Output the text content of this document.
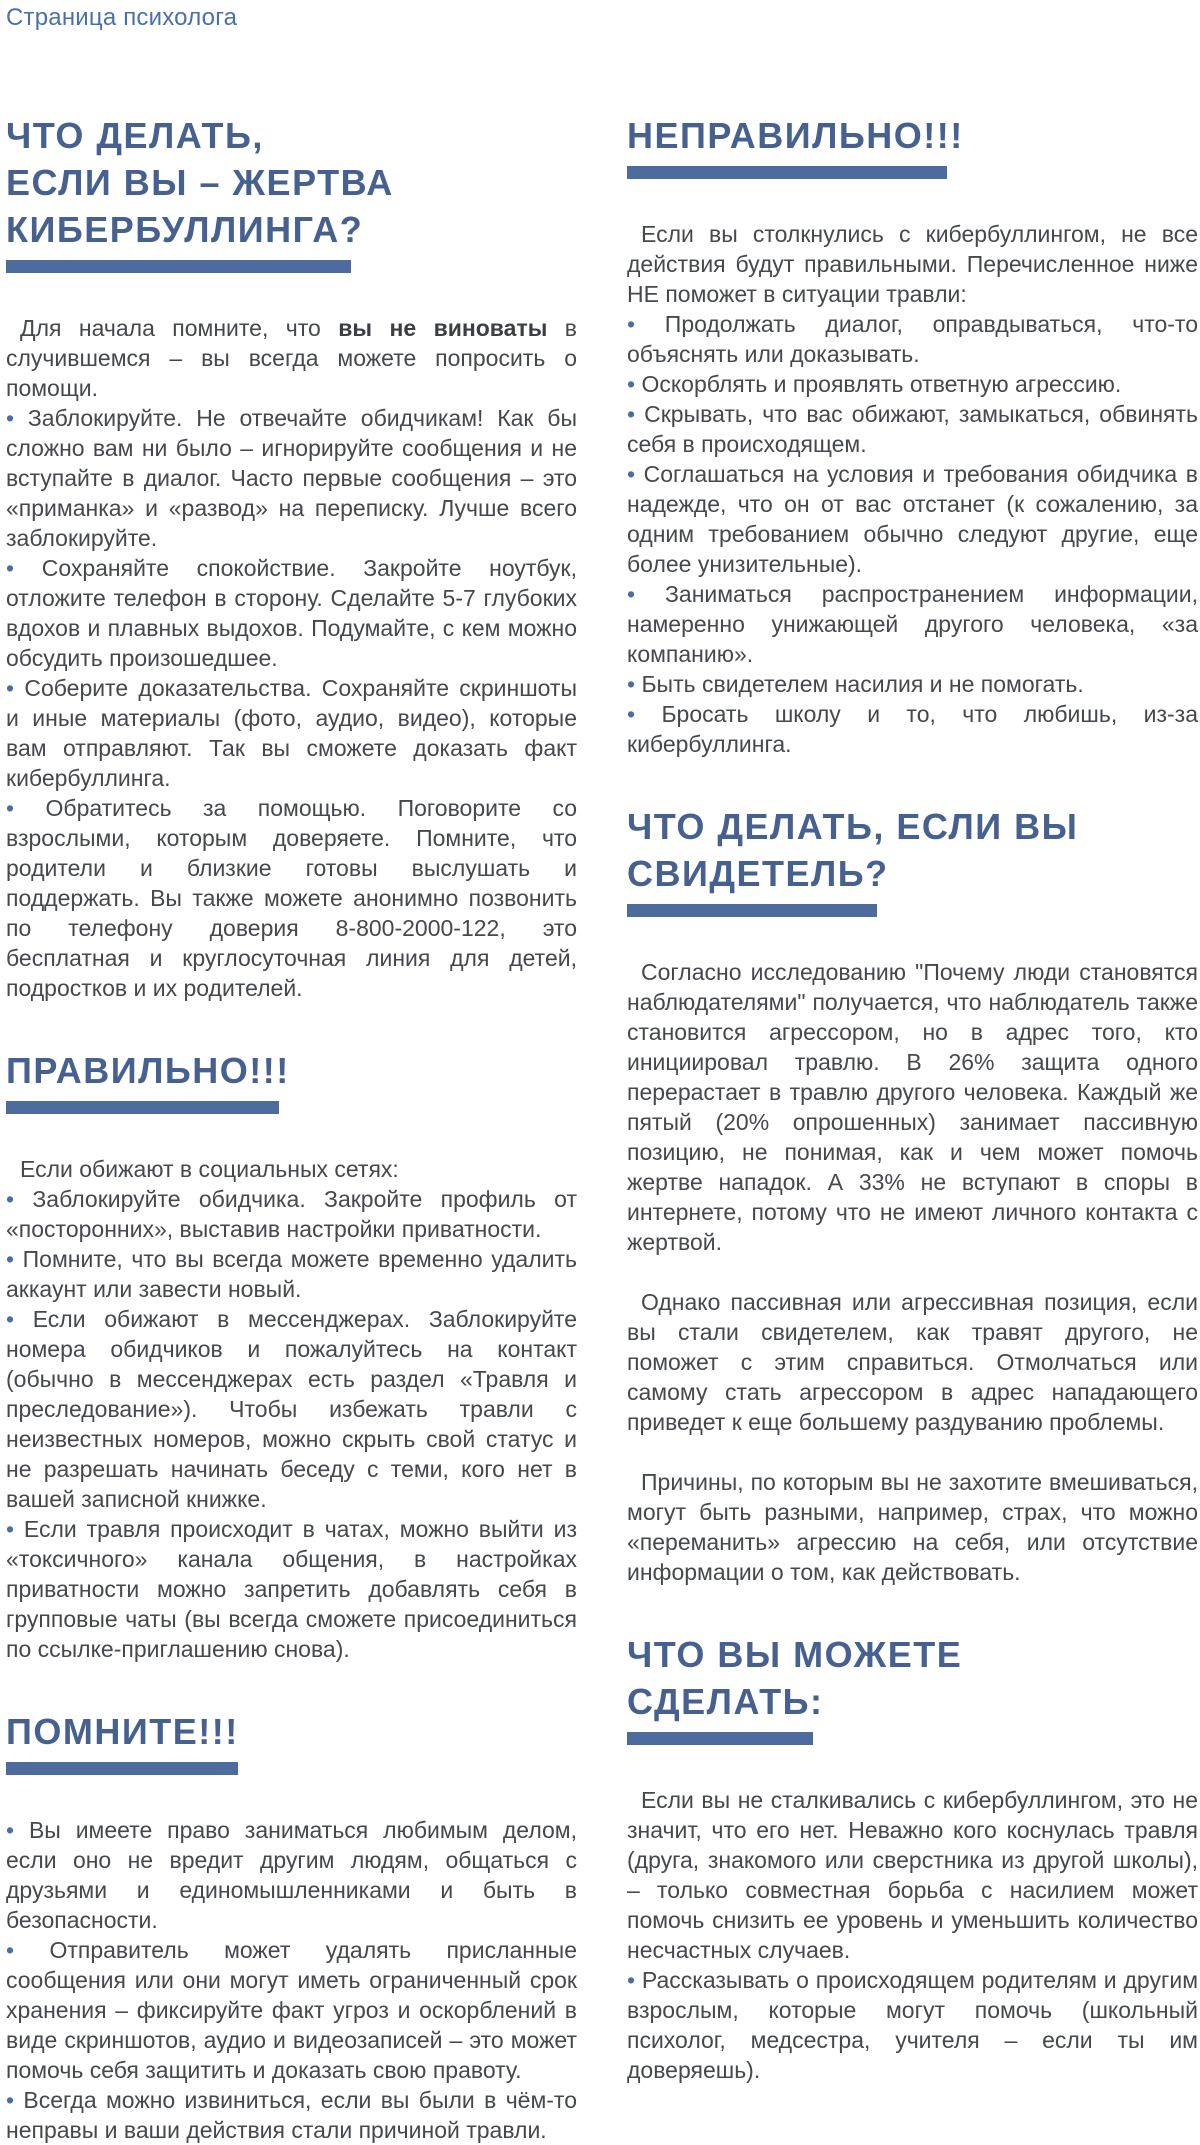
Страница психолога
ЧТО ДЕЛАТЬ,
ЕСЛИ ВЫ – ЖЕРТВА
КИБЕРБУЛЛИНГА?

Для начала помните, что вы не виноваты в случившемся – вы всегда можете попросить о помощи.

• Заблокируйте. Не отвечайте обидчикам! Как бы сложно вам ни было – игнорируйте сообщения и не вступайте в диалог. Часто первые сообщения – это «приманка» и «развод» на переписку. Лучше всего заблокируйте.

• Сохраняйте спокойствие. Закройте ноутбук, отложите телефон в сторону. Сделайте 5-7 глубоких вдохов и плавных выдохов. Подумайте, с кем можно обсудить произошедшее.

• Соберите доказательства. Сохраняйте скриншоты и иные материалы (фото, аудио, видео), которые вам отправляют. Так вы сможете доказать факт кибербуллинга.

• Обратитесь за помощью. Поговорите со взрослыми, которым доверяете. Помните, что родители и близкие готовы выслушать и поддержать. Вы также можете анонимно позвонить по телефону доверия 8-800-2000-122, это бесплатная и круглосуточная линия для детей, подростков и их родителей.

ПРАВИЛЬНО!!!

Если обижают в социальных сетях:

• Заблокируйте обидчика. Закройте профиль от «посторонних», выставив настройки приватности.

• Помните, что вы всегда можете временно удалить аккаунт или завести новый.

• Если обижают в мессенджерах. Заблокируйте номера обидчиков и пожалуйтесь на контакт (обычно в мессенджерах есть раздел «Травля и преследование»). Чтобы избежать травли с неизвестных номеров, можно скрыть свой статус и не разрешать начинать беседу с теми, кого нет в вашей записной книжке.

• Если травля происходит в чатах, можно выйти из «токсичного» канала общения, в настройках приватности можно запретить добавлять себя в групповые чаты (вы всегда сможете присоединиться по ссылке-приглашению снова).

ПОМНИТЕ!!!

• Вы имеете право заниматься любимым делом, если оно не вредит другим людям, общаться с друзьями и единомышленниками и быть в безопасности.

• Отправитель может удалять присланные сообщения или они могут иметь ограниченный срок хранения – фиксируйте факт угроз и оскорблений в виде скриншотов, аудио и видеозаписей – это может помочь себя защитить и доказать свою правоту.

• Всегда можно извиниться, если вы были в чём-то неправы и ваши действия стали причиной травли.

НЕПРАВИЛЬНО!!!

Если вы столкнулись с кибербуллингом, не все действия будут правильными. Перечисленное ниже НЕ поможет в ситуации травли:

• Продолжать диалог, оправдываться, что-то объяснять или доказывать.

• Оскорблять и проявлять ответную агрессию.

• Скрывать, что вас обижают, замыкаться, обвинять себя в происходящем.

• Соглашаться на условия и требования обидчика в надежде, что он от вас отстанет (к сожалению, за одним требованием обычно следуют другие, еще более унизительные).

• Заниматься распространением информации, намеренно унижающей другого человека, «за компанию».

• Быть свидетелем насилия и не помогать.

• Бросать школу и то, что любишь, из-за кибербуллинга.

ЧТО ДЕЛАТЬ, ЕСЛИ ВЫ
СВИДЕТЕЛЬ?

Согласно исследованию "Почему люди становятся наблюдателями" получается, что наблюдатель также становится агрессором, но в адрес того, кто инициировал травлю. В 26% защита одного перерастает в травлю другого человека. Каждый же пятый (20% опрошенных) занимает пассивную позицию, не понимая, как и чем может помочь жертве нападок. А 33% не вступают в споры в интернете, потому что не имеют личного контакта с жертвой.

Однако пассивная или агрессивная позиция, если вы стали свидетелем, как травят другого, не поможет с этим справиться. Отмолчаться или самому стать агрессором в адрес нападающего приведет к еще большему раздуванию проблемы.

Причины, по которым вы не захотите вмешиваться, могут быть разными, например, страх, что можно «переманить» агрессию на себя, или отсутствие информации о том, как действовать.

ЧТО ВЫ МОЖЕТЕ
СДЕЛАТЬ:

Если вы не сталкивались с кибербуллингом, это не значит, что его нет. Неважно кого коснулась травля (друга, знакомого или сверстника из другой школы), – только совместная борьба с насилием может помочь снизить ее уровень и уменьшить количество несчастных случаев.

• Рассказывать о происходящем родителям и другим взрослым, которые могут помочь (школьный психолог, медсестра, учителя – если ты им доверяешь).
